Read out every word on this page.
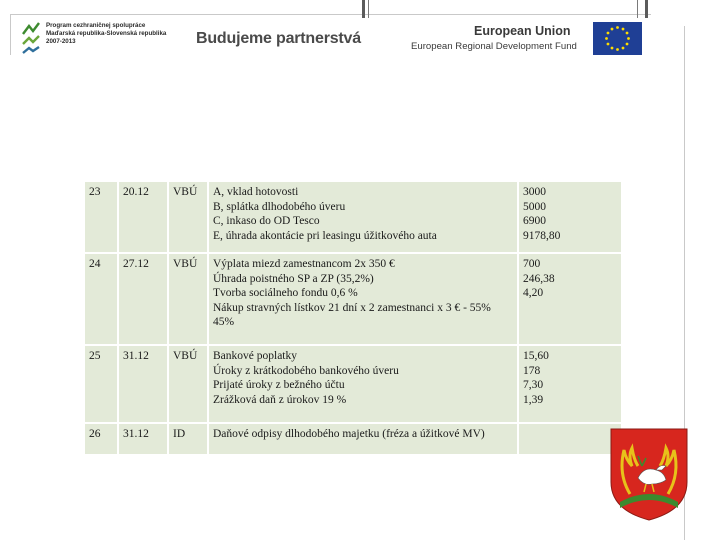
Program cezhraničnej spolupráce
Maďarská republika-Slovenská republika
2007-2013	Budujeme partnerstvá	European Union
European Regional Development Fund
23	20.12	VBÚ	A, vklad hotovosti
B, splátka dlhodobého úveru
C, inkaso do OD Tesco
E, úhrada akontácie pri leasingu úžitkového auta	3000
5000
6900
9178,80

24	27.12	VBÚ	Výplata miezd zamestnancom 2x 350 €
Úhrada poistného SP a ZP (35,2%)
Tvorba sociálneho fondu 0,6 %
Nákup stravných lístkov 21 dní x 2 zamestnanci x 3 € - 55%
45%	700
246,38
4,20

25	31.12	VBÚ	Bankové poplatky
Úroky z krátkodobého bankového úveru
Prijaté úroky z bežného účtu
Zrážková daň z úrokov 19 %	15,60
178
7,30
1,39

26	31.12	ID	Daňové odpisy dlhodobého majetku (fréza a úžitkové MV)	
